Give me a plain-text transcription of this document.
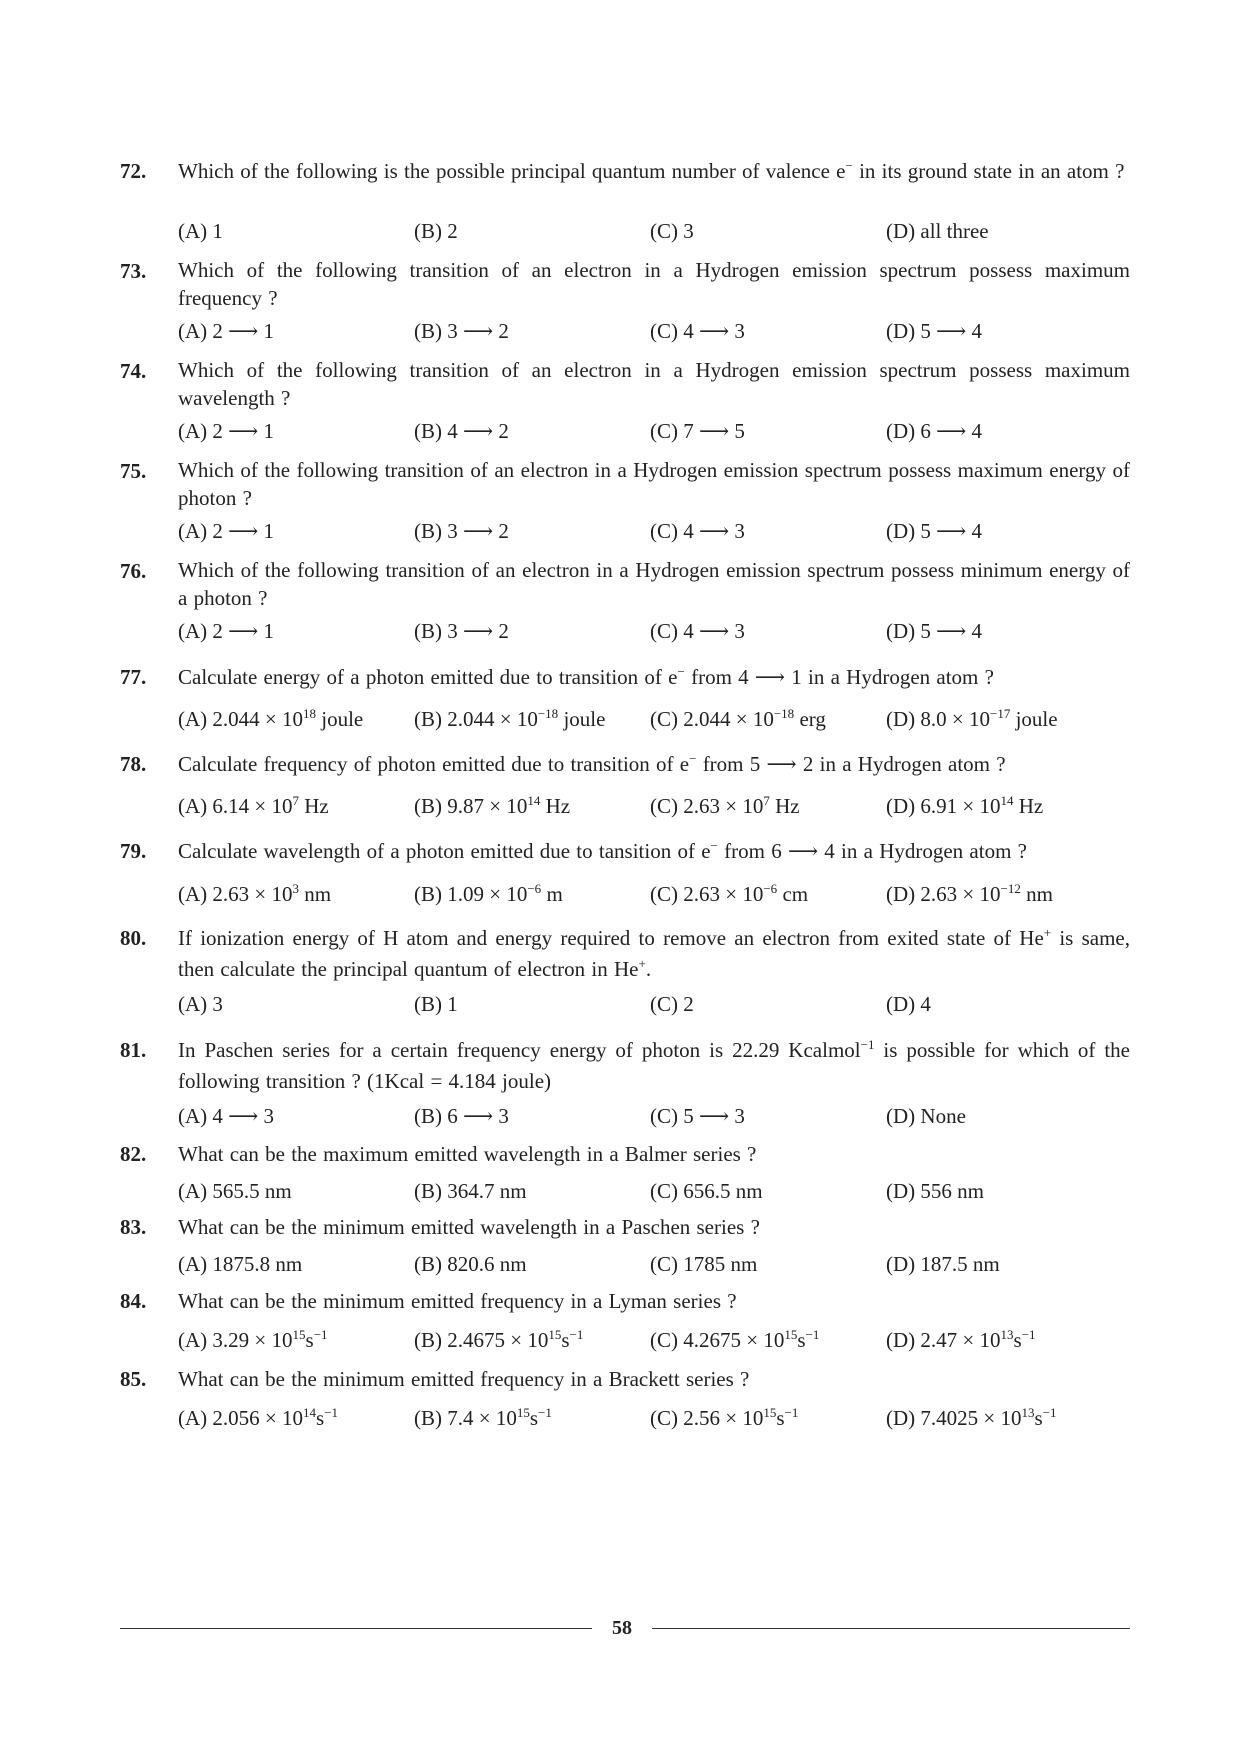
72.	Which of the following is the possible principal quantum number of valence e− in its ground state in an atom ?
(A) 1	(B) 2	(C) 3	(D) all three
73.	Which of the following transition of an electron in a Hydrogen emission spectrum possess maximum frequency ?
(A) 2 ⟶ 1	(B) 3 ⟶ 2	(C) 4 ⟶ 3	(D) 5 ⟶ 4
74.	Which of the following transition of an electron in a Hydrogen emission spectrum possess maximum wavelength ?
(A) 2 ⟶ 1	(B) 4 ⟶ 2	(C) 7 ⟶ 5	(D) 6 ⟶ 4
75.	Which of the following transition of an electron in a Hydrogen emission spectrum possess maximum energy of photon ?
(A) 2 ⟶ 1	(B) 3 ⟶ 2	(C) 4 ⟶ 3	(D) 5 ⟶ 4
76.	Which of the following transition of an electron in a Hydrogen emission spectrum possess minimum energy of a photon ?
(A) 2 ⟶ 1	(B) 3 ⟶ 2	(C) 4 ⟶ 3	(D) 5 ⟶ 4
77.	Calculate energy of a photon emitted due to transition of e− from 4 ⟶ 1 in a Hydrogen atom ?
(A) $2.044 \times 10^{18}$ joule (B) $2.044 \times 10^{-18}$ joule (C) $2.044 \times 10^{-18}$ erg	(D) $8.0 \times 10^{-17}$ joule
78.	Calculate frequency of photon emitted due to transition of e− from 5 ⟶ 2 in a Hydrogen atom ?
(A) $6.14 \times 10^7$ Hz	(B) $9.87 \times 10^{14}$ Hz	(C) $2.63 \times 10^7$ Hz	(D) $6.91 \times 10^{14}$ Hz
79.	Calculate wavelength of a photon emitted due to tansition of e− from 6 ⟶ 4 in a Hydrogen atom ?
(A) $2.63 \times 10^3$ nm	(B) $1.09 \times 10^{-6}$ m	(C) $2.63 \times 10^{-6}$ cm	(D) $2.63 \times 10^{-12}$ nm
80.	If ionization energy of H atom and energy required to remove an electron from exited state of He+ is same, then calculate the principal quantum of electron in He+.
(A) 3	(B) 1	(C) 2	(D) 4
81.	In Paschen series for a certain frequency energy of photon is 22.29 Kcalmol$^{-1}$ is possible for which of the following transition ? (1Kcal = 4.184 joule)
(A) 4 ⟶ 3	(B) 6 ⟶ 3	(C) 5 ⟶ 3	(D) None
82.	What can be the maximum emitted wavelength in a Balmer series ?
(A) 565.5 nm	(B) 364.7 nm	(C) 656.5 nm	(D) 556 nm
83.	What can be the minimum emitted wavelength in a Paschen series ?
(A) 1875.8 nm	(B) 820.6 nm	(C) 1785 nm	(D) 187.5 nm
84.	What can be the minimum emitted frequency in a Lyman series ?
(A) $3.29 \times 10^{15}s^{-1}$	(B) $2.4675 \times 10^{15}s^{-1}$	(C) $4.2675 \times 10^{15}s^{-1}$	(D) $2.47 \times 10^{13}s^{-1}$
85.	What can be the minimum emitted frequency in a Brackett series ?
(A) $2.056 \times 10^{14}s^{-1}$	(B) $7.4 \times 10^{15}s^{-1}$	(C) $2.56 \times 10^{15}s^{-1}$	(D) $7.4025 \times 10^{13}s^{-1}$
58
